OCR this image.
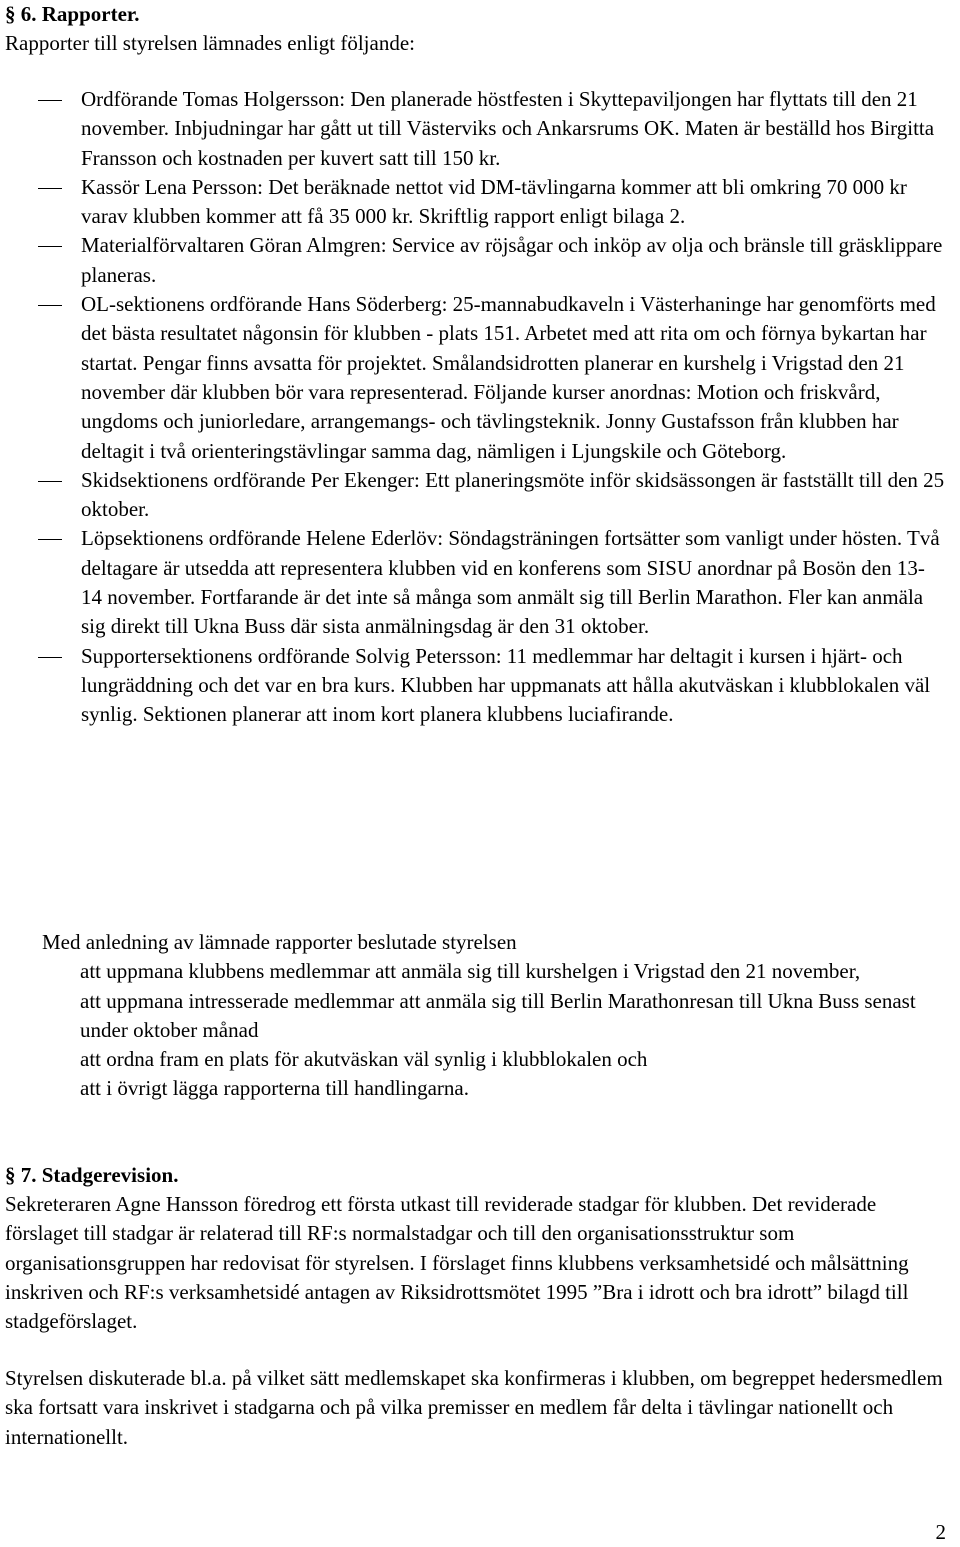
§ 6. Rapporter.
Rapporter till styrelsen lämnades enligt följande:
Ordförande Tomas Holgersson: Den planerade höstfesten i Skyttepaviljongen har flyttats till den 21 november. Inbjudningar har gått ut till Västerviks och Ankarsrums OK. Maten är beställd hos Birgitta Fransson och kostnaden per kuvert satt till 150 kr.
Kassör Lena Persson: Det beräknade nettot vid DM-tävlingarna kommer att bli omkring 70 000 kr varav klubben kommer att få 35 000 kr. Skriftlig rapport enligt bilaga 2.
Materialförvaltaren Göran Almgren: Service av röjsågar och inköp av olja och bränsle till gräsklippare planeras.
OL-sektionens ordförande Hans Söderberg: 25-mannabudkaveln i Västerhaninge har genomförts med det bästa resultatet någonsin för klubben - plats 151. Arbetet med att rita om och förnya bykartan har startat. Pengar finns avsatta för projektet. Smålandsidrotten planerar en kurshelg i Vrigstad den 21 november där klubben bör vara representerad. Följande kurser anordnas: Motion och friskvård, ungdoms och juniorledare, arrangemangs- och tävlingsteknik. Jonny Gustafsson från klubben har deltagit i två orienteringstävlingar samma dag, nämligen i Ljungskile och Göteborg.
Skidsektionens ordförande Per Ekenger: Ett planeringsmöte inför skidsässongen är fastställt till den 25 oktober.
Löpsektionens ordförande Helene Ederlöv: Söndagsträningen fortsätter som vanligt under hösten. Två deltagare är utsedda att representera klubben vid en konferens som SISU anordnar på Bosön den 13-14 november. Fortfarande är det inte så många som anmält sig till Berlin Marathon. Fler kan anmäla sig direkt till Ukna Buss där sista anmälningsdag är den 31 oktober.
Supportersektionens ordförande Solvig Petersson: 11 medlemmar har deltagit i kursen i hjärt- och lungräddning och det var en bra kurs. Klubben har uppmanats att hålla akutväskan i klubblokalen väl synlig. Sektionen planerar att inom kort planera klubbens luciafirande.
Med anledning av lämnade rapporter beslutade styrelsen
att uppmana klubbens medlemmar att anmäla sig till kurshelgen i Vrigstad den 21 november,
att uppmana intresserade medlemmar att anmäla sig till Berlin Marathonresan till Ukna Buss senast under oktober månad
att ordna fram en plats för akutväskan väl synlig i klubblokalen och
att i övrigt lägga rapporterna till handlingarna.
§ 7. Stadgerevision.
Sekreteraren Agne Hansson föredrog ett första utkast till reviderade stadgar för klubben. Det reviderade förslaget till stadgar är relaterad till RF:s normalstadgar och till den organisationsstruktur som organisationsgruppen har redovisat för styrelsen. I förslaget finns klubbens verksamhetsidé och målsättning inskriven och RF:s verksamhetsidé antagen av Riksidrottsmötet 1995 ”Bra i idrott och bra idrott” bilagd till stadgeförslaget.
Styrelsen diskuterade bl.a. på vilket sätt medlemskapet ska konfirmeras i klubben, om begreppet hedersmedlem ska fortsatt vara inskrivet i stadgarna och på vilka premisser en medlem får delta i tävlingar nationellt och internationellt.
2
